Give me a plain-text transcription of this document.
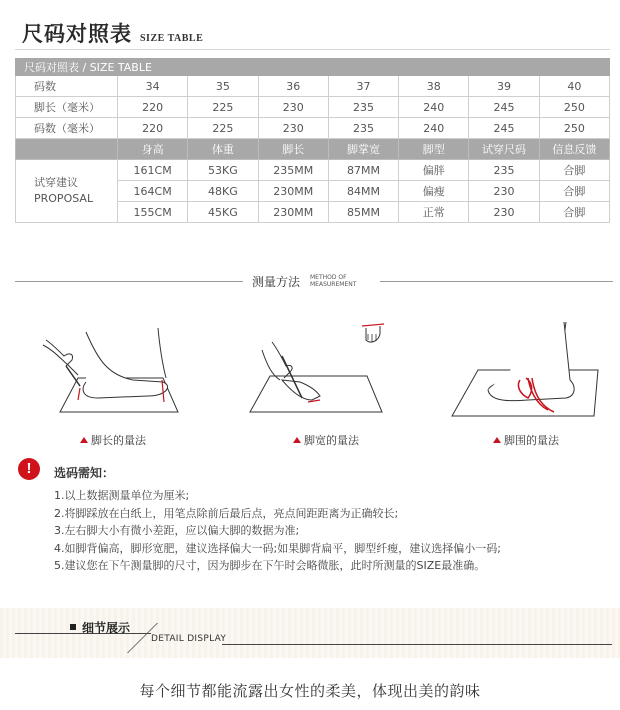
尺码对照表 SIZE TABLE
尺码对照表 / SIZE TABLE							
码数	34	35	36	37	38	39	40
脚长（毫米）	220	225	230	235	240	245	250
码数（毫米）	220	225	230	235	240	245	250
	身高	体重	脚长	脚掌宽	脚型	试穿尺码	信息反馈

试穿建议
PROPOSAL	161CM	53KG	235MM	87MM	偏胖	235	合脚
	164CM	48KG	230MM	84MM	偏瘦	230	合脚
	155CM	45KG	230MM	85MM	正常	230	合脚
测量方法 METHOD OF
MEASUREMENT
脚长的量法	脚宽的量法	脚围的量法
!	选码需知：
1.以上数据测量单位为厘米;
2.将脚踩放在白纸上，用笔点除前后最后点，亮点间距距离为正确较长;
3.左右脚大小有微小差距，应以偏大脚的数据为准;
4.如脚背偏高，脚形宽肥，建议选择偏大一码;如果脚背扁平，脚型纤瘦，建议选择偏小一码;
5.建议您在下午测量脚的尺寸，因为脚步在下午时会略微胀，此时所测量的SIZE最准确。
细节展示
DETAIL DISPLAY
每个细节都能流露出女性的柔美，体现出美的韵味
